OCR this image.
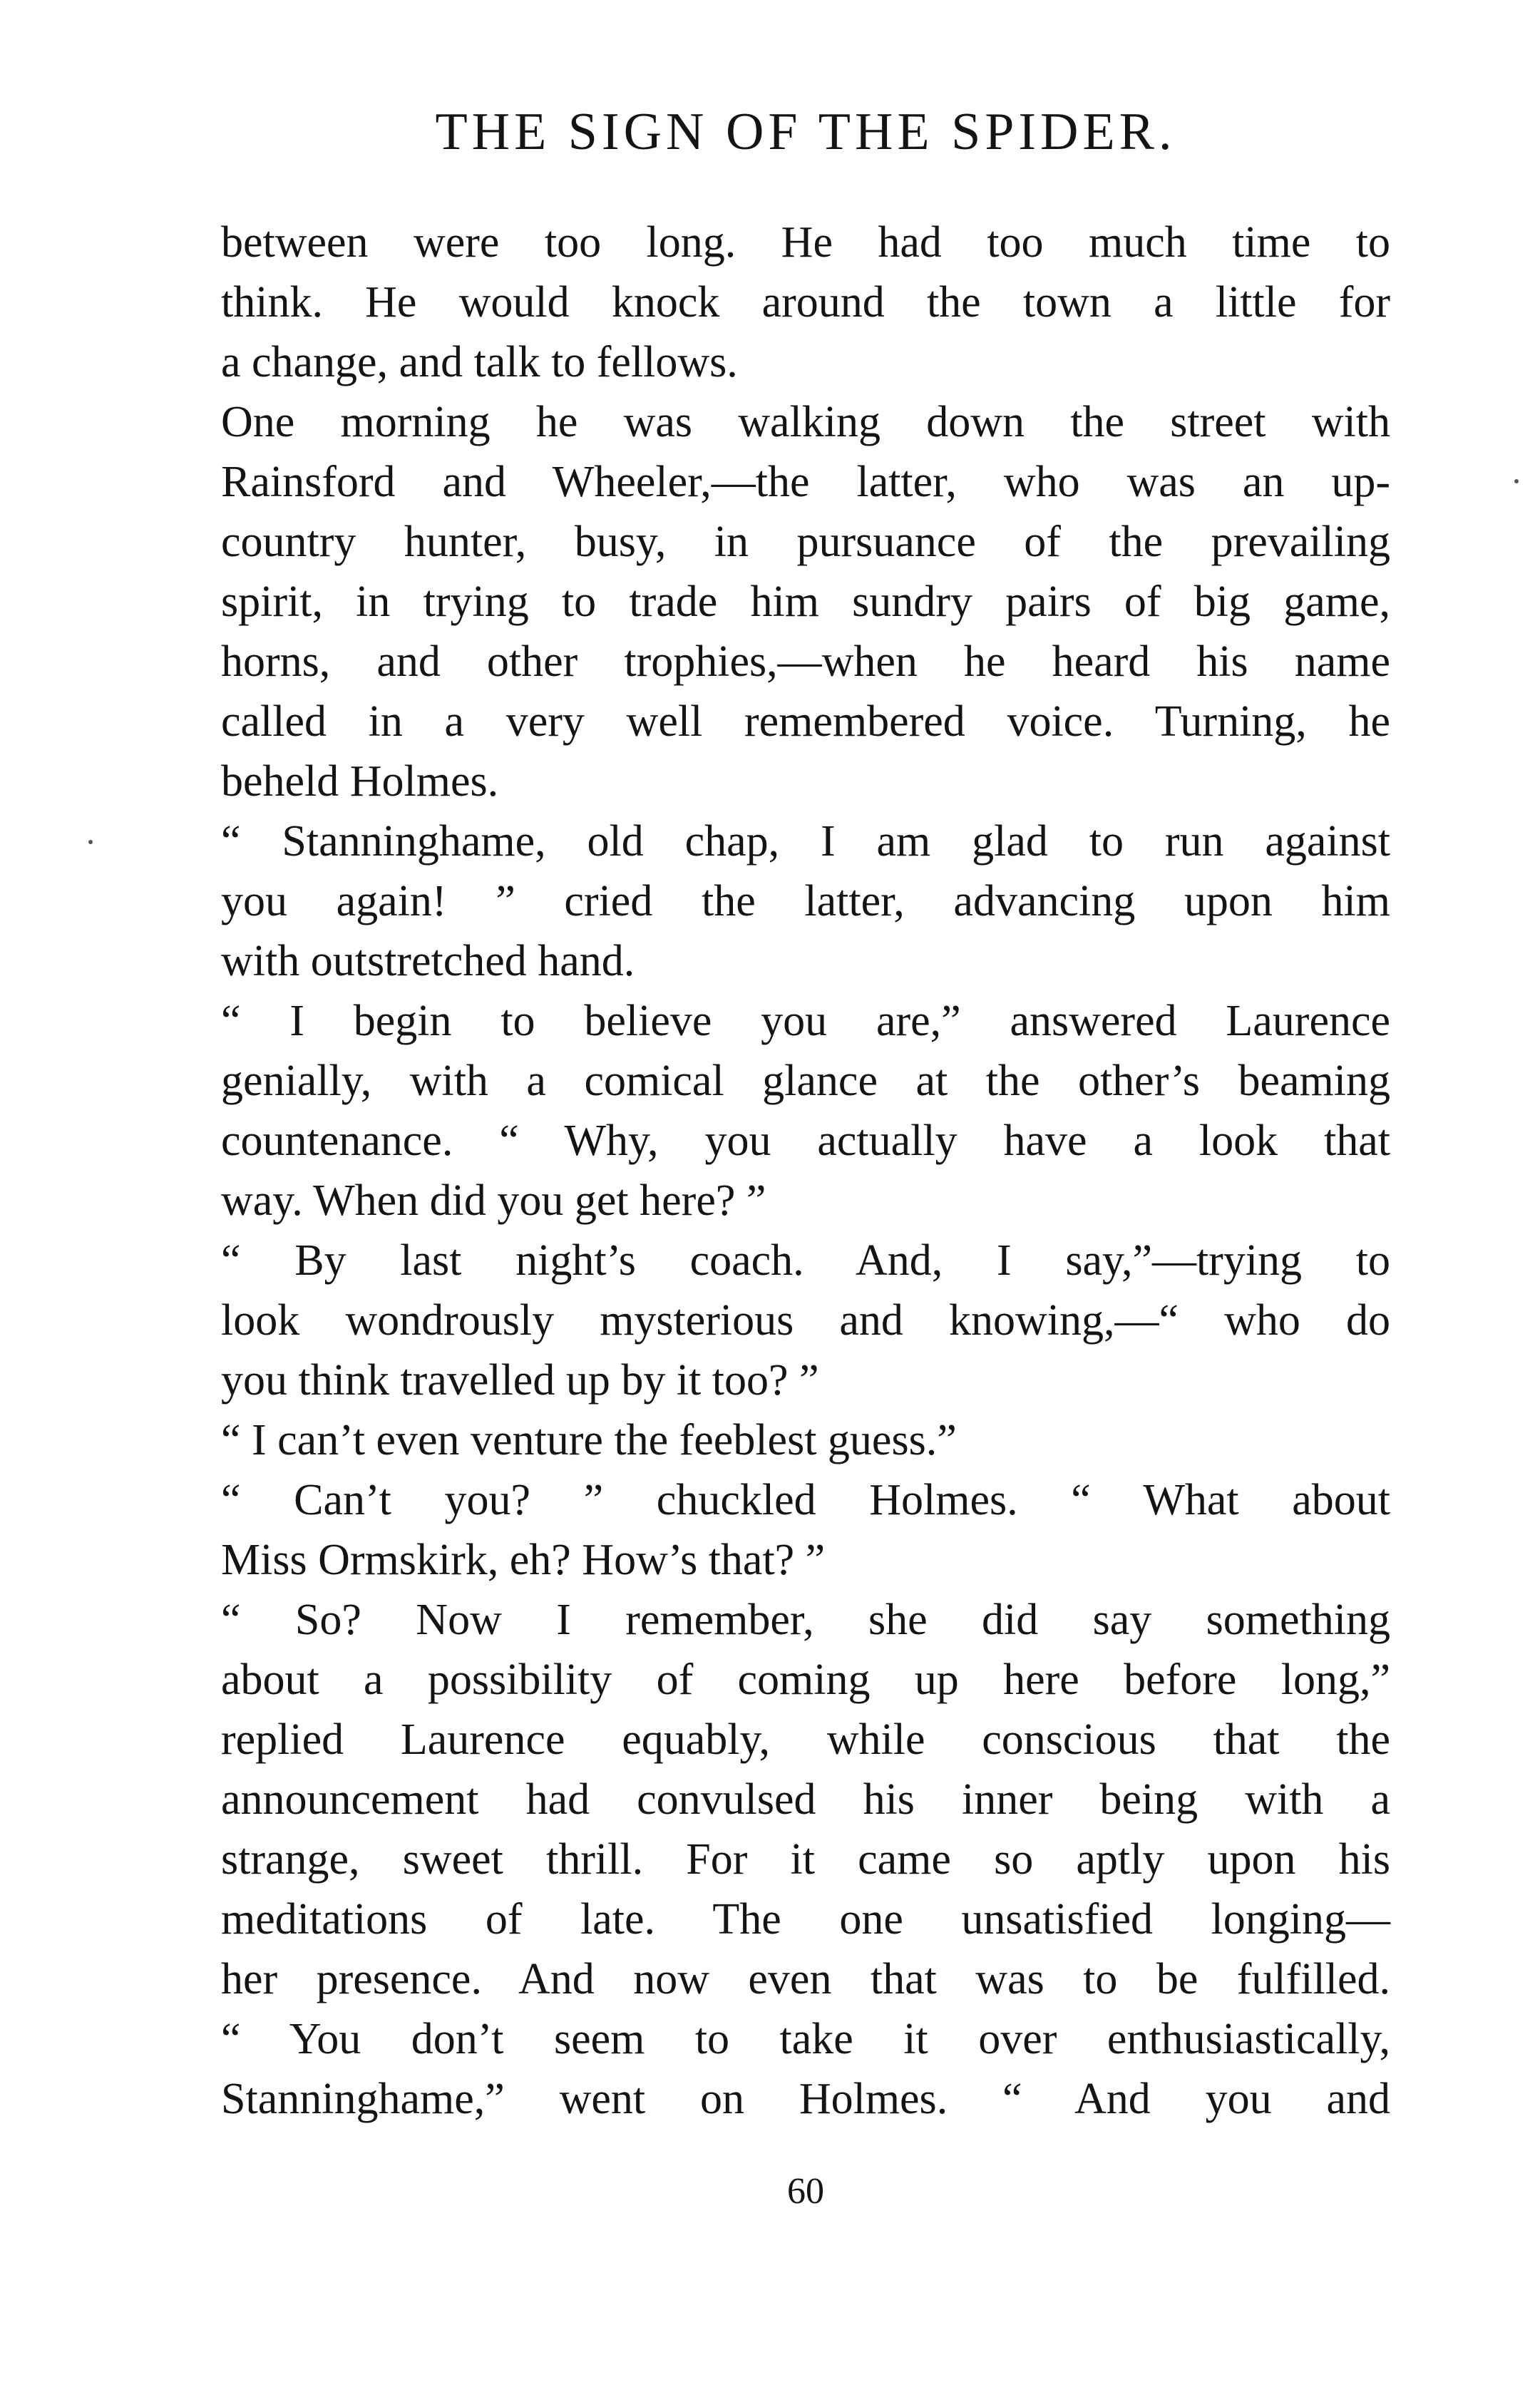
THE SIGN OF THE SPIDER.
between were too long. He had too much time to
think. He would knock around the town a little for
a change, and talk to fellows.
One morning he was walking down the street with
Rainsford and Wheeler,—the latter, who was an up-
country hunter, busy, in pursuance of the prevailing
spirit, in trying to trade him sundry pairs of big game,
horns, and other trophies,—when he heard his name
called in a very well remembered voice. Turning, he
beheld Holmes.
“ Stanninghame, old chap, I am glad to run against
you again! ” cried the latter, advancing upon him
with outstretched hand.
“ I begin to believe you are,” answered Laurence
genially, with a comical glance at the other’s beaming
countenance. “ Why, you actually have a look that
way. When did you get here? ”
“ By last night’s coach. And, I say,”—trying to
look wondrously mysterious and knowing,—“ who do
you think travelled up by it too? ”
“ I can’t even venture the feeblest guess.”
“ Can’t you? ” chuckled Holmes. “ What about
Miss Ormskirk, eh? How’s that? ”
“ So? Now I remember, she did say something
about a possibility of coming up here before long,”
replied Laurence equably, while conscious that the
announcement had convulsed his inner being with a
strange, sweet thrill. For it came so aptly upon his
meditations of late. The one unsatisfied longing—
her presence. And now even that was to be fulfilled.
“ You don’t seem to take it over enthusiastically,
Stanninghame,” went on Holmes. “ And you and
60
